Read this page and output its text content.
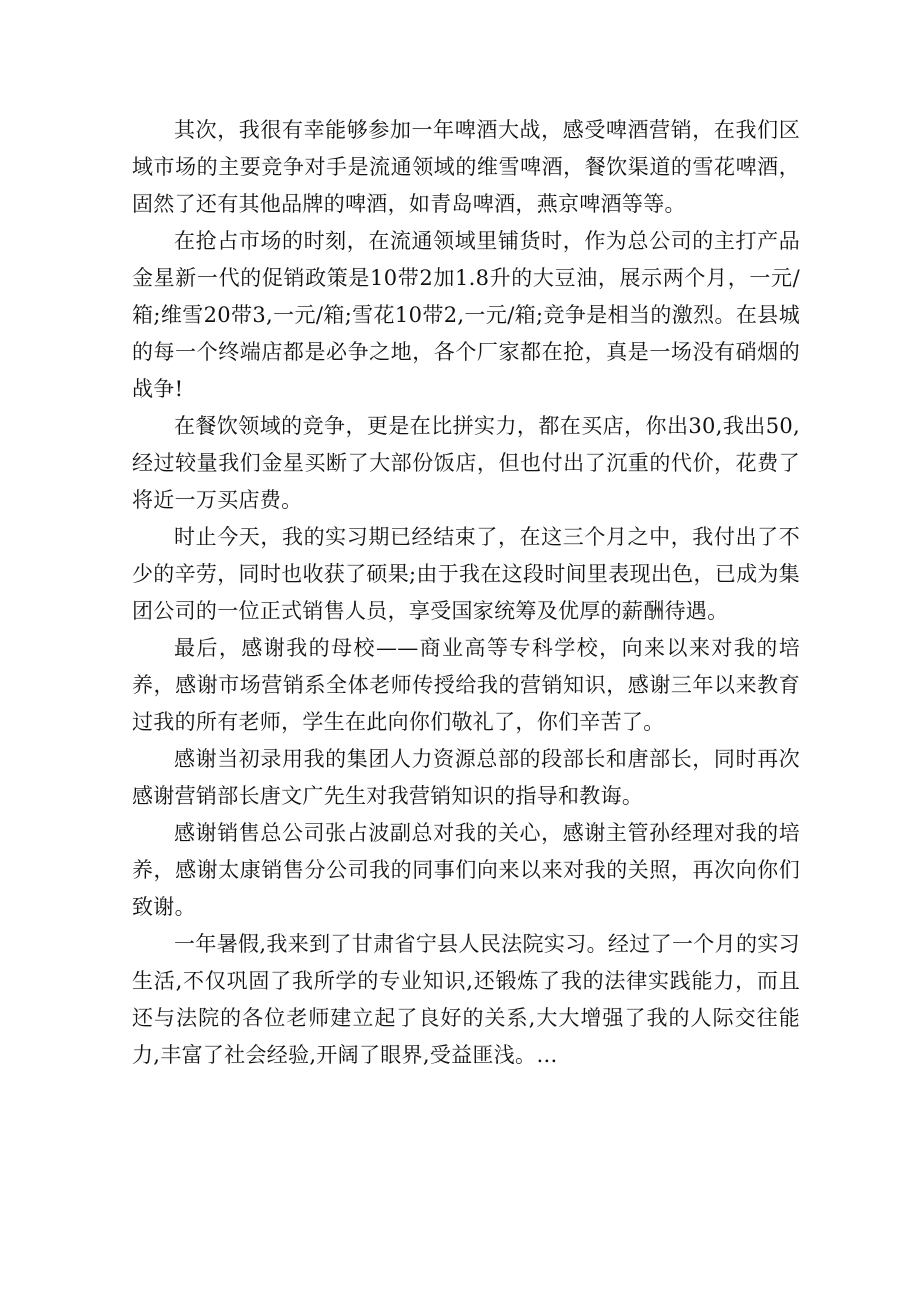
其次，我很有幸能够参加一年啤酒大战，感受啤酒营销，在我们区域市场的主要竞争对手是流通领域的维雪啤酒，餐饮渠道的雪花啤酒，固然了还有其他品牌的啤酒，如青岛啤酒，燕京啤酒等等。

在抢占市场的时刻，在流通领域里铺货时，作为总公司的主打产品金星新一代的促销政策是10带2加1.8升的大豆油，展示两个月，一元/箱;维雪20带3,一元/箱;雪花10带2,一元/箱;竞争是相当的激烈。在县城的每一个终端店都是必争之地，各个厂家都在抢，真是一场没有硝烟的战争!

在餐饮领域的竞争，更是在比拼实力，都在买店，你出30,我出50,经过较量我们金星买断了大部份饭店，但也付出了沉重的代价，花费了将近一万买店费。

时止今天，我的实习期已经结束了，在这三个月之中，我付出了不少的辛劳，同时也收获了硕果;由于我在这段时间里表现出色，已成为集团公司的一位正式销售人员，享受国家统筹及优厚的薪酬待遇。

最后，感谢我的母校——商业高等专科学校，向来以来对我的培养，感谢市场营销系全体老师传授给我的营销知识，感谢三年以来教育过我的所有老师，学生在此向你们敬礼了，你们辛苦了。

感谢当初录用我的集团人力资源总部的段部长和唐部长，同时再次感谢营销部长唐文广先生对我营销知识的指导和教诲。

感谢销售总公司张占波副总对我的关心，感谢主管孙经理对我的培养，感谢太康销售分公司我的同事们向来以来对我的关照，再次向你们致谢。

一年暑假,我来到了甘肃省宁县人民法院实习。经过了一个月的实习生活,不仅巩固了我所学的专业知识,还锻炼了我的法律实践能力，而且还与法院的各位老师建立起了良好的关系,大大增强了我的人际交往能力,丰富了社会经验,开阔了眼界,受益匪浅。…
